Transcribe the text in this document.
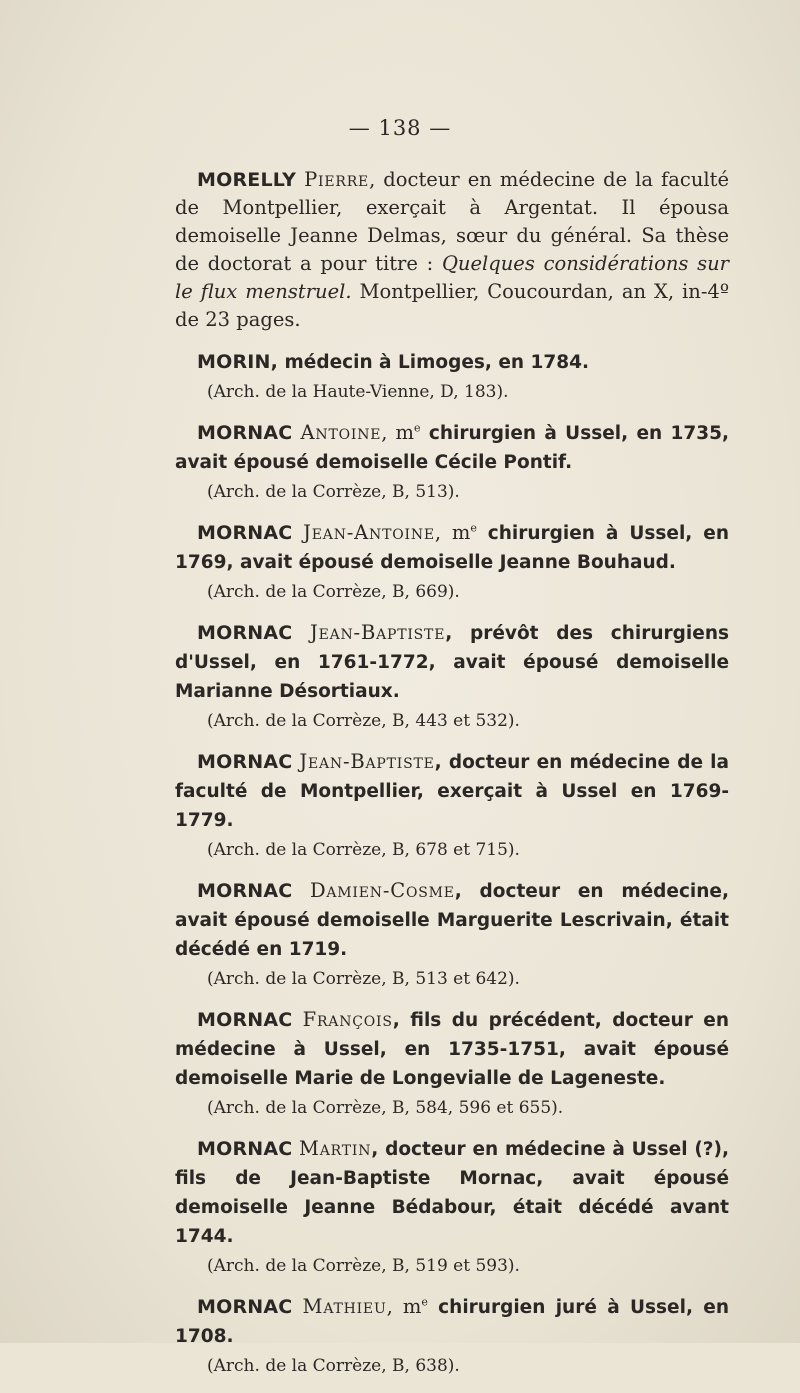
— 138 —

MORELLY Pierre, docteur en médecine de la faculté de Montpellier, exerçait à Argentat. Il épousa demoiselle Jeanne Delmas, sœur du général. Sa thèse de doctorat a pour titre : Quelques considérations sur le flux menstruel. Montpellier, Coucourdan, an X, in-4º de 23 pages.

MORIN, médecin à Limoges, en 1784.

(Arch. de la Haute-Vienne, D, 183).

MORNAC Antoine, $m^e$ chirurgien à Ussel, en 1735, avait épousé demoiselle Cécile Pontif.

(Arch. de la Corrèze, B, 513).

MORNAC Jean-Antoine, $m^e$ chirurgien à Ussel, en 1769, avait épousé demoiselle Jeanne Bouhaud.

(Arch. de la Corrèze, B, 669).

MORNAC Jean-Baptiste, prévôt des chirurgiens d'Ussel, en 1761-1772, avait épousé demoiselle Marianne Désortiaux.

(Arch. de la Corrèze, B, 443 et 532).

MORNAC Jean-Baptiste, docteur en médecine de la faculté de Montpellier, exerçait à Ussel en 1769-1779.

(Arch. de la Corrèze, B, 678 et 715).

MORNAC Damien-Cosme, docteur en médecine, avait épousé demoiselle Marguerite Lescrivain, était décédé en 1719.

(Arch. de la Corrèze, B, 513 et 642).

MORNAC François, fils du précédent, docteur en médecine à Ussel, en 1735-1751, avait épousé demoiselle Marie de Longevialle de Lageneste.

(Arch. de la Corrèze, B, 584, 596 et 655).

MORNAC Martin, docteur en médecine à Ussel (?), fils de Jean-Baptiste Mornac, avait épousé demoiselle Jeanne Bédabour, était décédé avant 1744.

(Arch. de la Corrèze, B, 519 et 593).

MORNAC Mathieu, $m^e$ chirurgien juré à Ussel, en 1708.

(Arch. de la Corrèze, B, 638).
